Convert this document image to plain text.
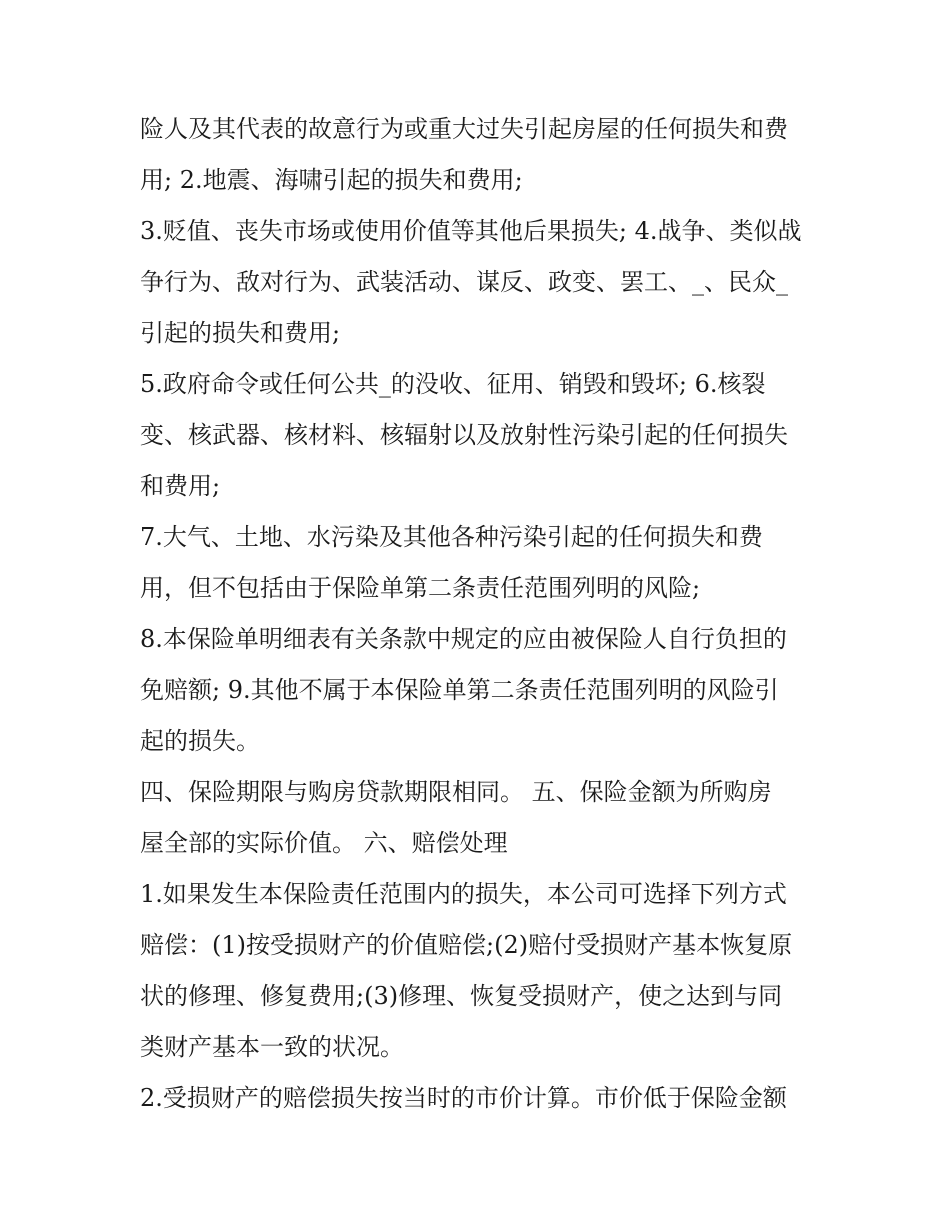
险人及其代表的故意行为或重大过失引起房屋的任何损失和费
用; 2.地震、海啸引起的损失和费用;
3.贬值、丧失市场或使用价值等其他后果损失; 4.战争、类似战
争行为、敌对行为、武装活动、谋反、政变、罢工、_、民众_
引起的损失和费用;
5.政府命令或任何公共_的没收、征用、销毁和毁坏; 6.核裂
变、核武器、核材料、核辐射以及放射性污染引起的任何损失
和费用;
7.大气、土地、水污染及其他各种污染引起的任何损失和费
用，但不包括由于保险单第二条责任范围列明的风险;
8.本保险单明细表有关条款中规定的应由被保险人自行负担的
免赔额; 9.其他不属于本保险单第二条责任范围列明的风险引
起的损失。
四、保险期限与购房贷款期限相同。 五、保险金额为所购房
屋全部的实际价值。 六、赔偿处理
1.如果发生本保险责任范围内的损失，本公司可选择下列方式
赔偿：(1)按受损财产的价值赔偿;(2)赔付受损财产基本恢复原
状的修理、修复费用;(3)修理、恢复受损财产，使之达到与同
类财产基本一致的状况。
2.受损财产的赔偿损失按当时的市价计算。市价低于保险金额
